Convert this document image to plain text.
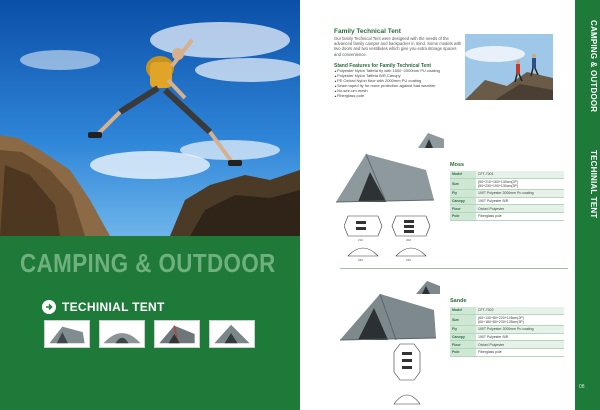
CAMPING & OUTDOOR
TECHINIAL TENT
Family Technical Tent
Our family Technical Tent were designed with the needs of the advanced family camper and backpacker in mind. Some models with two doors and two vestibules which give you extra storage spaces and convenience.
Stand Features for Family Technical Tent
▲ Polyester Nylon Taffeta fly with 1500~2000mm PU coating
▲ Polyester Nylon Taffeta B/R,Canopy
▲ PE Oxford Nylon floor with 2000mm PU coating
▲ Seam taped fly for more protection against bad weather
▲ No-see-um mesh
▲ Fiberglass pole
Moss
Model	CFT-7001
Size	(50+210+160+130cm(2P)
(50+230+190+130cm(3P)
Fly	190T Polyester 2000mm Pu coating
Canopy	190T Polyester B/R
Floor	Oxford Polyester
Pole	Fiberglass pole
210	200
250	220
Sande
Model	CFT-7002
Size	(60+130+80+220+105cm(2P)
(60+180+80+230+135cm(3P)
Fly	190T Polyester 2000mm Pu coating
Canopy	190T Polyester B/R
Floor	Oxford Polyester
Pole	Fiberglass pole
CAMPING & OUTDOOR
TECHINIAL TENT
08
